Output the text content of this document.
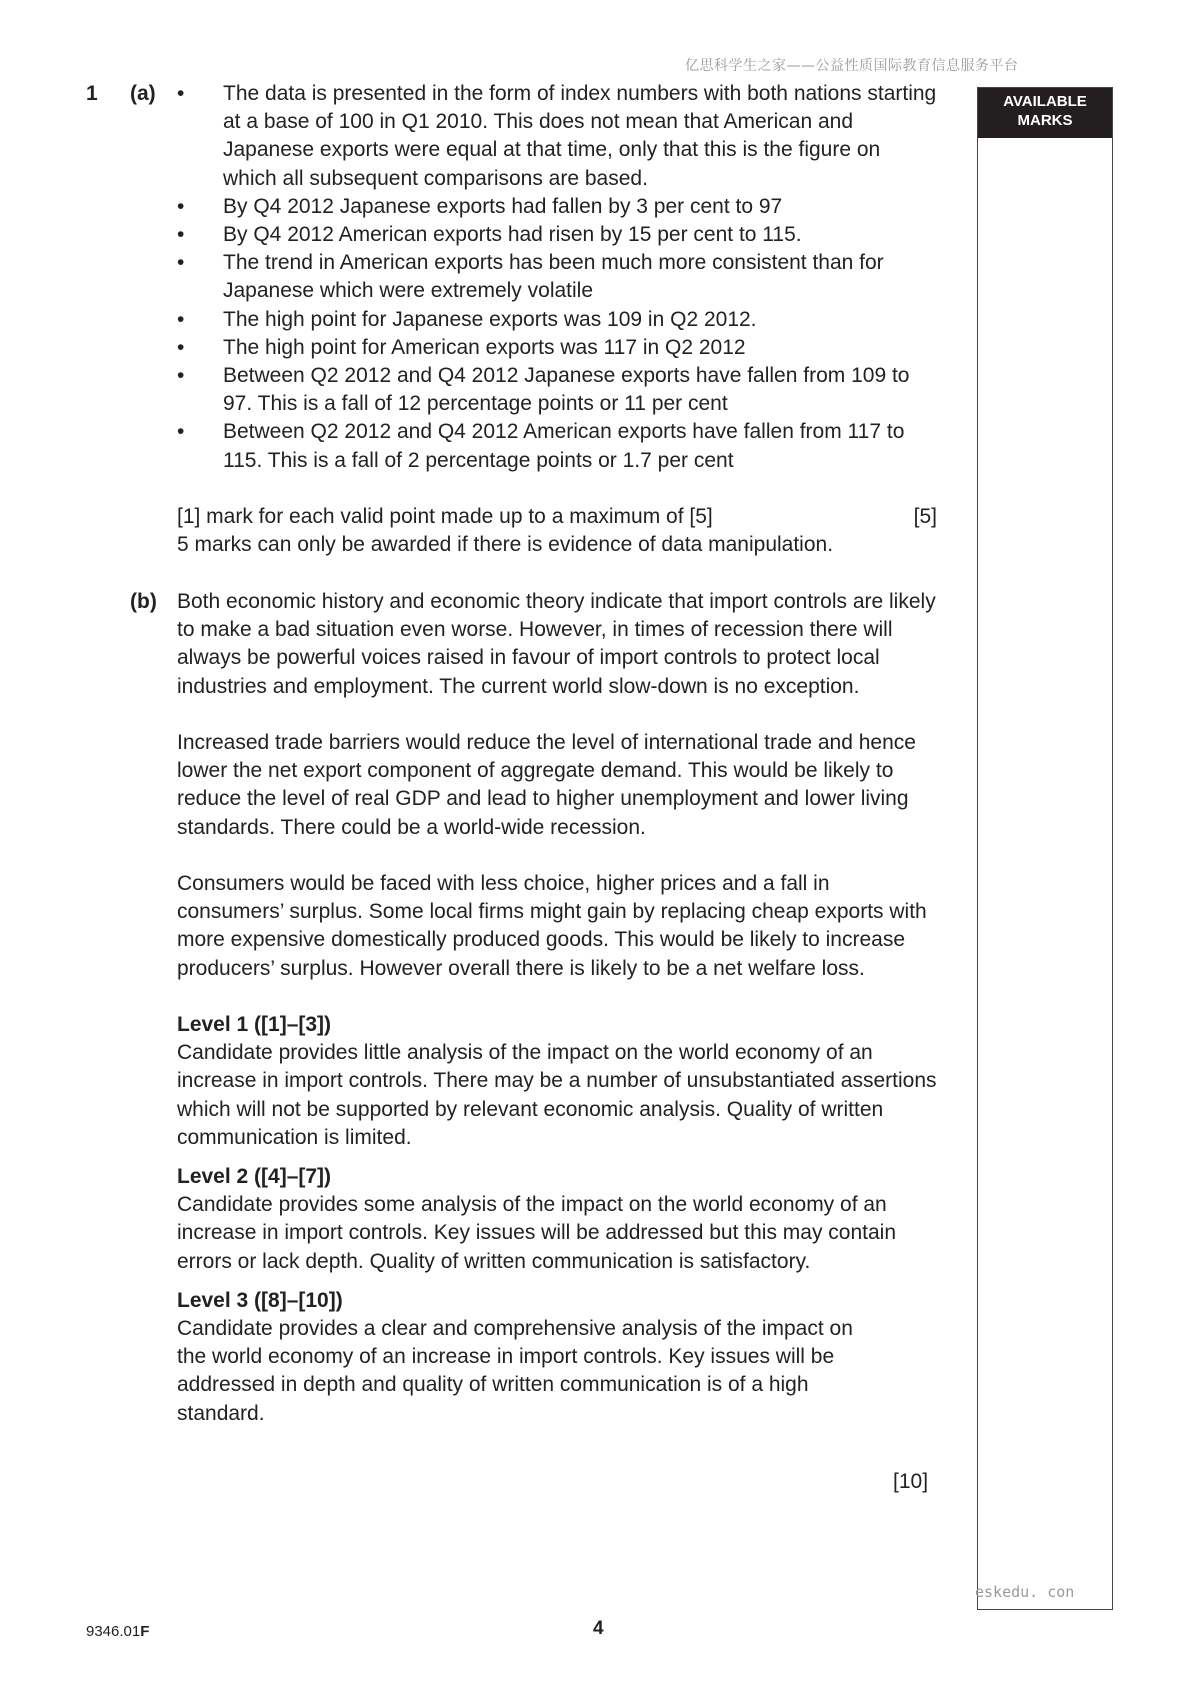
亿思科学生之家——公益性质国际教育信息服务平台
AVAILABLE MARKS
eskedu. con

1 (a)

•	The data is presented in the form of index numbers with both nations starting at a base of 100 in Q1 2010. This does not mean that American and Japanese exports were equal at that time, only that this is the figure on which all subsequent comparisons are based.
• By Q4 2012 Japanese exports had fallen by 3 per cent to 97
• By Q4 2012 American exports had risen by 15 per cent to 115.
• The trend in American exports has been much more consistent than for Japanese which were extremely volatile
• The high point for Japanese exports was 109 in Q2 2012.
• The high point for American exports was 117 in Q2 2012
• Between Q2 2012 and Q4 2012 Japanese exports have fallen from 109 to 97. This is a fall of 12 percentage points or 11 per cent
• Between Q2 2012 and Q4 2012 American exports have fallen from 117 to 115. This is a fall of 2 percentage points or 1.7 per cent
[1] mark for each valid point made up to a maximum of [5]	[5]

5 marks can only be awarded if there is evidence of data manipulation.

(b) Both economic history and economic theory indicate that import controls are likely to make a bad situation even worse. However, in times of recession there will always be powerful voices raised in favour of import controls to protect local industries and employment. The current world slow-down is no exception.

Increased trade barriers would reduce the level of international trade and hence lower the net export component of aggregate demand. This would be likely to reduce the level of real GDP and lead to higher unemployment and lower living standards. There could be a world-wide recession.

Consumers would be faced with less choice, higher prices and a fall in consumers’ surplus. Some local firms might gain by replacing cheap exports with more expensive domestically produced goods. This would be likely to increase producers’ surplus. However overall there is likely to be a net welfare loss.

Level 1 ([1]–[3])

Candidate provides little analysis of the impact on the world economy of an increase in import controls. There may be a number of unsubstantiated assertions which will not be supported by relevant economic analysis. Quality of written communication is limited.

Level 2 ([4]–[7])

Candidate provides some analysis of the impact on the world economy of an increase in import controls. Key issues will be addressed but this may contain errors or lack depth. Quality of written communication is satisfactory.

Level 3 ([8]–[10])

Candidate provides a clear and comprehensive analysis of the impact on the world economy of an increase in import controls. Key issues will be addressed in depth and quality of written communication is of a high standard.

[10]

9346.01F	4
